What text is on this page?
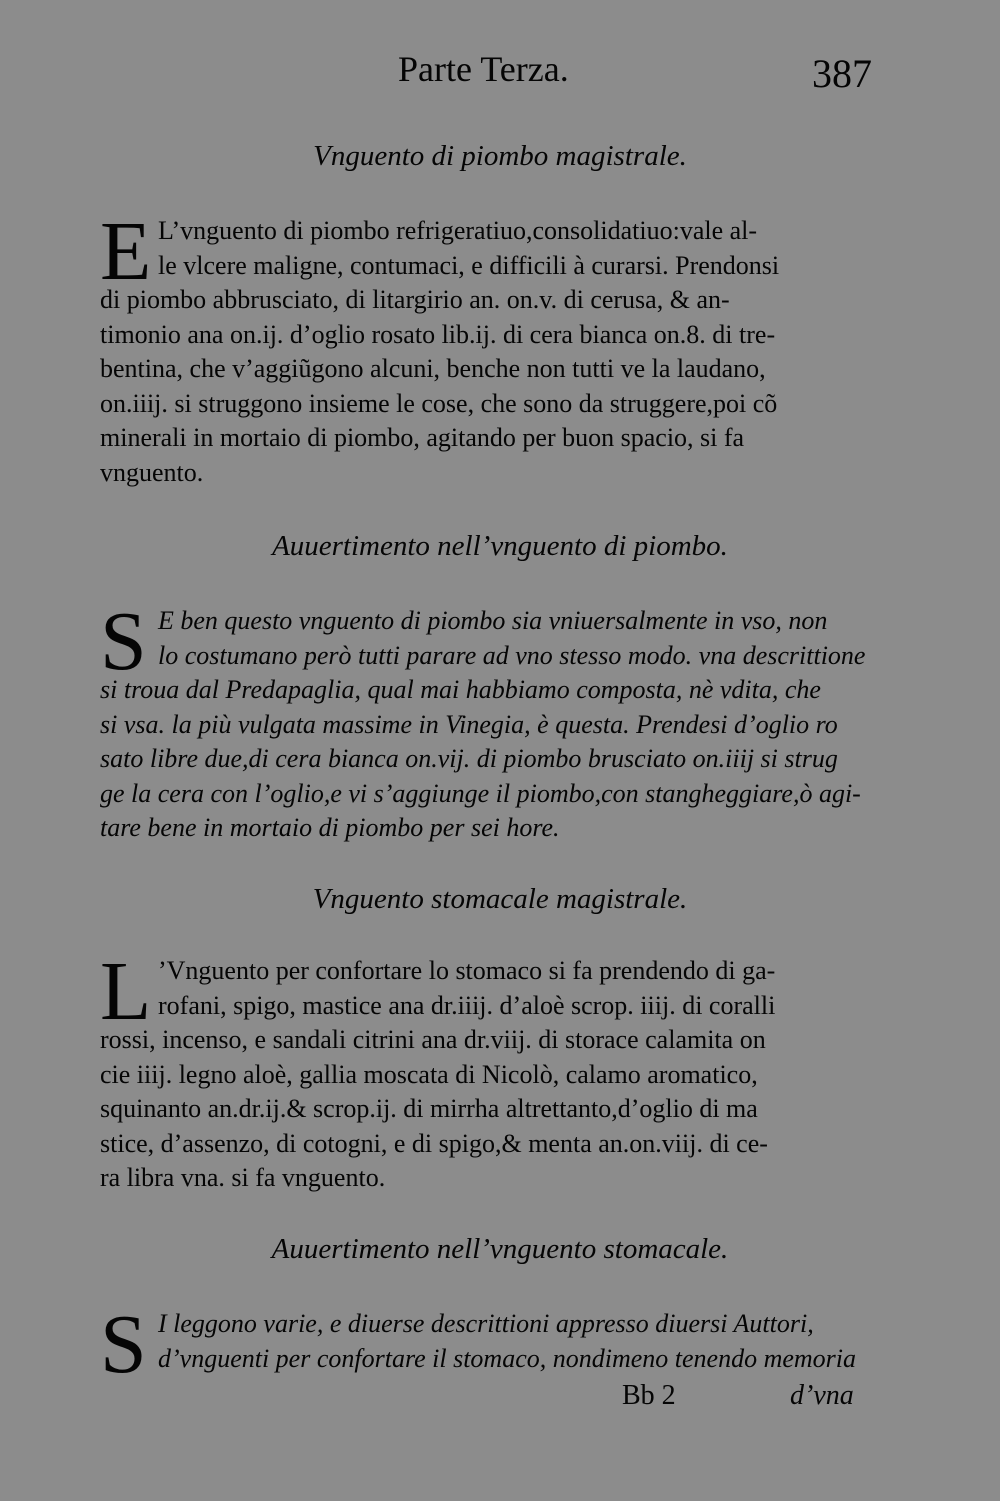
Parte Terza.	387
Vnguento di piombo magistrale.
E L’vnguento di piombo refrigeratiuo,consolidatiuo:vale al-
le vlcere maligne, contumaci, e difficili à curarsi. Prendonsi
di piombo abbrusciato, di litargirio an. on.v. di cerusa, & an-
timonio ana on.ij. d’oglio rosato lib.ij. di cera bianca on.8. di tre-
bentina, che v’aggiũgono alcuni, benche non tutti ve la laudano,
on.iiij. si struggono insieme le cose, che sono da struggere,poi cõ
minerali in mortaio di piombo, agitando per buon spacio, si fa
vnguento.
Auuertimento nell’vnguento di piombo.
S E ben questo vnguento di piombo sia vniuersalmente in vso, non
lo costumano però tutti parare ad vno stesso modo. vna descrittione
si troua dal Predapaglia, qual mai habbiamo composta, nè vdita, che
si vsa. la più vulgata massime in Vinegia, è questa. Prendesi d’oglio ro
sato libre due,di cera bianca on.vij. di piombo brusciato on.iiij si strug
ge la cera con l’oglio,e vi s’aggiunge il piombo,con stangheggiare,ò agi-
tare bene in mortaio di piombo per sei hore.
Vnguento stomacale magistrale.
L ’Vnguento per confortare lo stomaco si fa prendendo di ga-
rofani, spigo, mastice ana dr.iiij. d’aloè scrop. iiij. di coralli
rossi, incenso, e sandali citrini ana dr.viij. di storace calamita on
cie iiij. legno aloè, gallia moscata di Nicolò, calamo aromatico,
squinanto an.dr.ij.& scrop.ij. di mirrha altrettanto,d’oglio di ma
stice, d’assenzo, di cotogni, e di spigo,& menta an.on.viij. di ce-
ra libra vna. si fa vnguento.
Auuertimento nell’vnguento stomacale.
S I leggono varie, e diuerse descrittioni appresso diuersi Auttori,
d’vnguenti per confortare il stomaco, nondimeno tenendo memoria
Bb 2	d’vna
